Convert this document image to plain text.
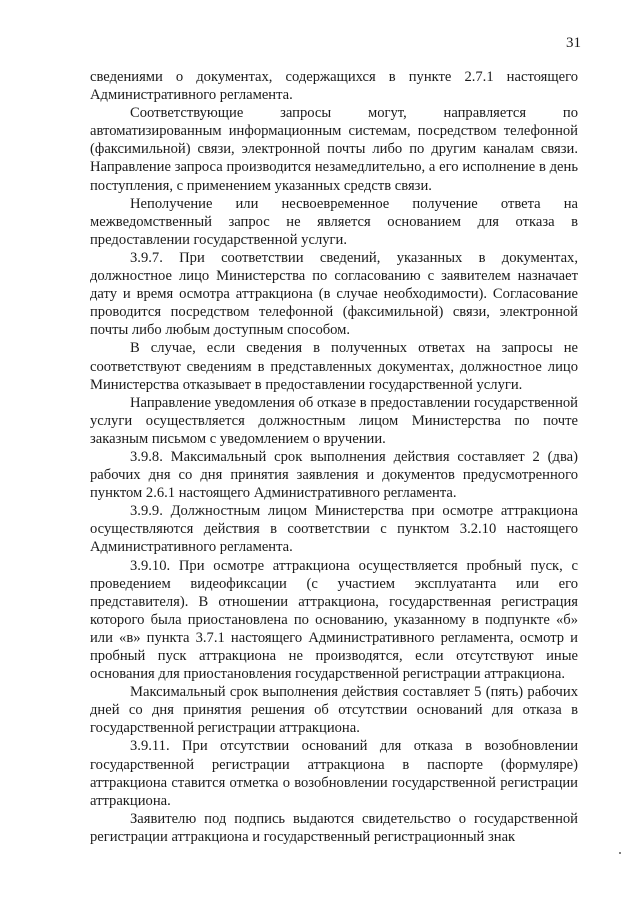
31

сведениями о документах, содержащихся в пункте 2.7.1 настоящего Административного регламента.

Соответствующие запросы могут, направляется по автоматизированным информационным системам, посредством телефонной (факсимильной) связи, электронной почты либо по другим каналам связи. Направление запроса производится незамедлительно, а его исполнение в день поступления, с применением указанных средств связи.

Неполучение или несвоевременное получение ответа на межведомственный запрос не является основанием для отказа в предоставлении государственной услуги.

3.9.7. При соответствии сведений, указанных в документах, должностное лицо Министерства по согласованию с заявителем назначает дату и время осмотра аттракциона (в случае необходимости). Согласование проводится посредством телефонной (факсимильной) связи, электронной почты либо любым доступным способом.

В случае, если сведения в полученных ответах на запросы не соответствуют сведениям в представленных документах, должностное лицо Министерства отказывает в предоставлении государственной услуги.

Направление уведомления об отказе в предоставлении государственной услуги осуществляется должностным лицом Министерства по почте заказным письмом с уведомлением о вручении.

3.9.8. Максимальный срок выполнения действия составляет 2 (два) рабочих дня со дня принятия заявления и документов предусмотренного пунктом 2.6.1 настоящего Административного регламента.

3.9.9. Должностным лицом Министерства при осмотре аттракциона осуществляются действия в соответствии с пунктом 3.2.10 настоящего Административного регламента.

3.9.10. При осмотре аттракциона осуществляется пробный пуск, с проведением видеофиксации (с участием эксплуатанта или его представителя). В отношении аттракциона, государственная регистрация которого была приостановлена по основанию, указанному в подпункте «б» или «в» пункта 3.7.1 настоящего Административного регламента, осмотр и пробный пуск аттракциона не производятся, если отсутствуют иные основания для приостановления государственной регистрации аттракциона.

Максимальный срок выполнения действия составляет 5 (пять) рабочих дней со дня принятия решения об отсутствии оснований для отказа в государственной регистрации аттракциона.

3.9.11. При отсутствии оснований для отказа в возобновлении государственной регистрации аттракциона в паспорте (формуляре) аттракциона ставится отметка о возобновлении государственной регистрации аттракциона.

Заявителю под подпись выдаются свидетельство о государственной регистрации аттракциона и государственный регистрационный знак
